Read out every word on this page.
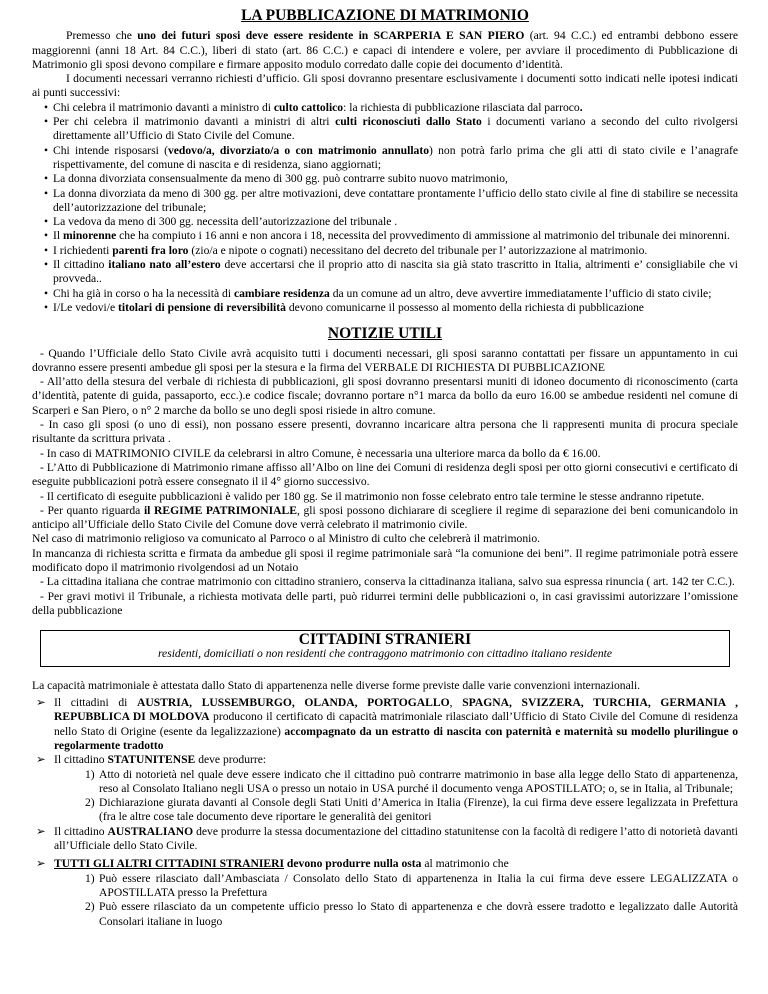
LA PUBBLICAZIONE DI MATRIMONIO

Premesso che uno dei futuri sposi deve essere residente in SCARPERIA E SAN PIERO (art. 94 C.C.) ed entrambi debbono essere maggiorenni (anni 18 Art. 84 C.C.), liberi di stato (art. 86 C.C.) e capaci di intendere e volere, per avviare il procedimento di Pubblicazione di Matrimonio gli sposi devono compilare e firmare apposito modulo corredato dalle copie dei documento d’identità.

I documenti necessari verranno richiesti d’ufficio. Gli sposi dovranno presentare esclusivamente i documenti sotto indicati nelle ipotesi indicati ai punti successivi:

• Chi celebra il matrimonio davanti a ministro di culto cattolico: la richiesta di pubblicazione rilasciata dal parroco.
• Per chi celebra il matrimonio davanti a ministri di altri culti riconosciuti dallo Stato i documenti variano a secondo del culto rivolgersi direttamente all’Ufficio di Stato Civile del Comune.
• Chi intende risposarsi (vedovo/a, divorziato/a o con matrimonio annullato) non potrà farlo prima che gli atti di stato civile e l’anagrafe rispettivamente, del comune di nascita e di residenza, siano aggiornati;
• La donna divorziata consensualmente da meno di 300 gg. può contrarre subito nuovo matrimonio,
• La donna divorziata da meno di 300 gg. per altre motivazioni, deve contattare prontamente l’ufficio dello stato civile al fine di stabilire se necessita dell’autorizzazione del tribunale;
• La vedova da meno di 300 gg. necessita dell’autorizzazione del tribunale .
• Il minorenne che ha compiuto i 16 anni e non ancora i 18, necessita del provvedimento di ammissione al matrimonio del tribunale dei minorenni.
• I richiedenti parenti fra loro (zio/a e nipote o cognati) necessitano del decreto del tribunale per l’ autorizzazione al matrimonio.
• Il cittadino italiano nato all’estero deve accertarsi che il proprio atto di nascita sia già stato trascritto in Italia, altrimenti e’ consigliabile che vi provveda..
• Chi ha già in corso o ha la necessità di cambiare residenza da un comune ad un altro, deve avvertire immediatamente l’ufficio di stato civile;
• I/Le vedovi/e titolari di pensione di reversibilità devono comunicarne il possesso al momento della richiesta di pubblicazione
NOTIZIE UTILI

- Quando l’Ufficiale dello Stato Civile avrà acquisito tutti i documenti necessari, gli sposi saranno contattati per fissare un appuntamento in cui dovranno essere presenti ambedue gli sposi per la stesura e la firma del VERBALE DI RICHIESTA DI PUBBLICAZIONE

- All’atto della stesura del verbale di richiesta di pubblicazioni, gli sposi dovranno presentarsi muniti di idoneo documento di riconoscimento (carta d’identità, patente di guida, passaporto, ecc.).e codice fiscale; dovranno portare n°1 marca da bollo da euro 16.00 se ambedue residenti nel comune di Scarperi e San Piero, o n° 2 marche da bollo se uno degli sposi risiede in altro comune.

- In caso gli sposi (o uno di essi), non possano essere presenti, dovranno incaricare altra persona che li rappresenti munita di procura speciale risultante da scrittura privata .

- In caso di MATRIMONIO CIVILE da celebrarsi in altro Comune, è necessaria una ulteriore marca da bollo da € 16.00.

- L’Atto di Pubblicazione di Matrimonio rimane affisso all’Albo on line dei Comuni di residenza degli sposi per otto giorni consecutivi e certificato di eseguite pubblicazioni potrà essere consegnato il il 4° giorno successivo.

- Il certificato di eseguite pubblicazioni è valido per 180 gg. Se il matrimonio non fosse celebrato entro tale termine le stesse andranno ripetute.

- Per quanto riguarda il REGIME PATRIMONIALE, gli sposi possono dichiarare di scegliere il regime di separazione dei beni comunicandolo in anticipo all’Ufficiale dello Stato Civile del Comune dove verrà celebrato il matrimonio civile.

Nel caso di matrimonio religioso va comunicato al Parroco o al Ministro di culto che celebrerà il matrimonio.

In mancanza di richiesta scritta e firmata da ambedue gli sposi il regime patrimoniale sarà “la comunione dei beni”. Il regime patrimoniale potrà essere modificato dopo il matrimonio rivolgendosi ad un Notaio

- La cittadina italiana che contrae matrimonio con cittadino straniero, conserva la cittadinanza italiana, salvo sua espressa rinuncia ( art. 142 ter C.C.).

- Per gravi motivi il Tribunale, a richiesta motivata delle parti, può ridurrei termini delle pubblicazioni o, in casi gravissimi autorizzare l’omissione della pubblicazione

CITTADINI STRANIERI
residenti, domiciliati o non residenti che contraggono matrimonio con cittadino italiano residente

La capacità matrimoniale è attestata dallo Stato di appartenenza nelle diverse forme previste dalle varie convenzioni internazionali.

➢ Il cittadini di AUSTRIA, LUSSEMBURGO, OLANDA, PORTOGALLO, SPAGNA, SVIZZERA, TURCHIA, GERMANIA , REPUBBLICA DI MOLDOVA producono il certificato di capacità matrimoniale rilasciato dall’Ufficio di Stato Civile del Comune di residenza nello Stato di Origine (esente da legalizzazione) accompagnato da un estratto di nascita con paternità e maternità su modello plurilingue o regolarmente tradotto
➢ Il cittadino STATUNITENSE deve produrre:
1) Atto di notorietà nel quale deve essere indicato che il cittadino può contrarre matrimonio in base alla legge dello Stato di appartenenza, reso al Consolato Italiano negli USA o presso un notaio in USA purché il documento venga APOSTILLATO; o, se in Italia, al Tribunale;
2) Dichiarazione giurata davanti al Console degli Stati Uniti d’America in Italia (Firenze), la cui firma deve essere legalizzata in Prefettura (fra le altre cose tale documento deve riportare le generalità dei genitori
➢ Il cittadino AUSTRALIANO deve produrre la stessa documentazione del cittadino statunitense con la facoltà di redigere l’atto di notorietà davanti all’Ufficiale dello Stato Civile.
➢ TUTTI GLI ALTRI CITTADINI STRANIERI devono produrre nulla osta al matrimonio che
1) Può essere rilasciato dall’Ambasciata / Consolato dello Stato di appartenenza in Italia la cui firma deve essere LEGALIZZATA o APOSTILLATA presso la Prefettura
2) Può essere rilasciato da un competente ufficio presso lo Stato di appartenenza e che dovrà essere tradotto e legalizzato dalle Autorità Consolari italiane in luogo
